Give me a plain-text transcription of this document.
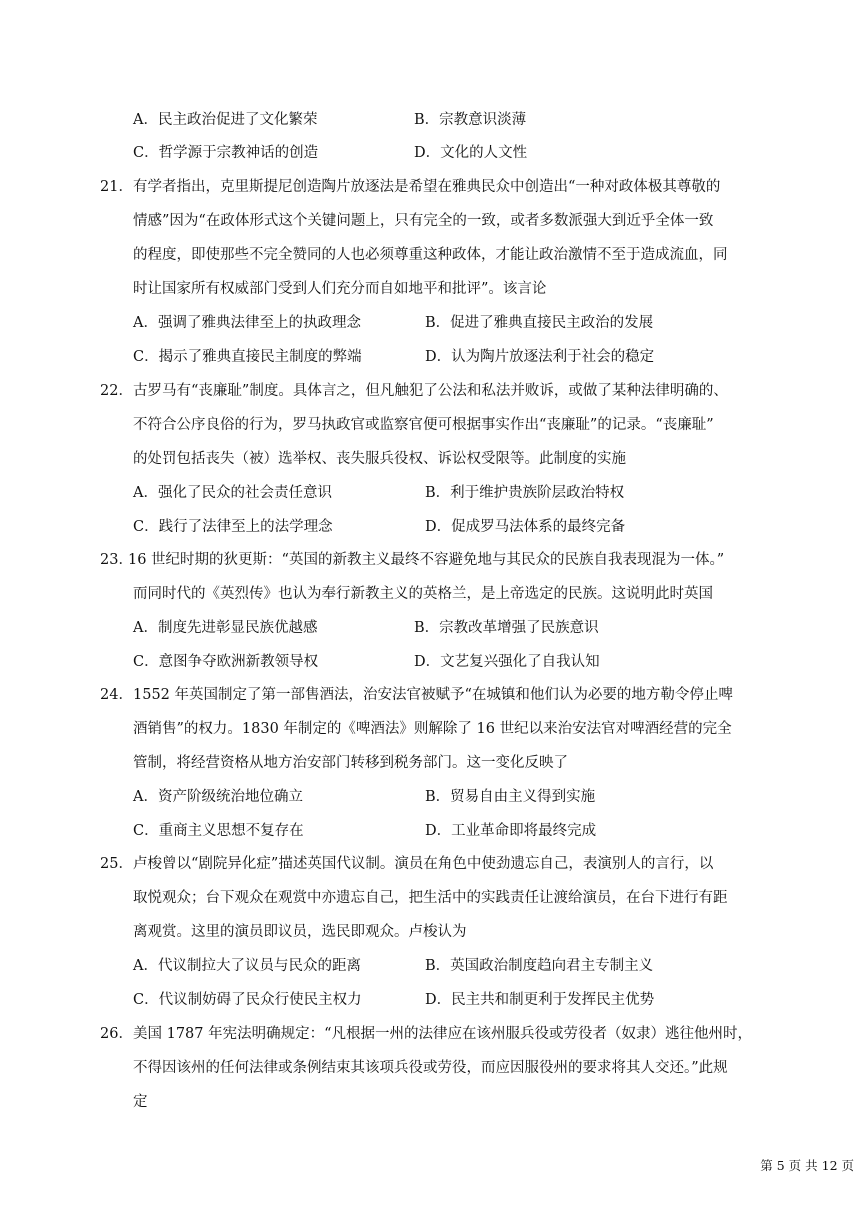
A．民主政治促进了文化繁荣	B．宗教意识淡薄
C．哲学源于宗教神话的创造	D．文化的人文性
21． 有学者指出，克里斯提尼创造陶片放逐法是希望在雅典民众中创造出“一种对政体极其尊敬的
情感”因为“在政体形式这个关键问题上，只有完全的一致，或者多数派强大到近乎全体一致
的程度，即使那些不完全赞同的人也必须尊重这种政体，才能让政治激情不至于造成流血，同
时让国家所有权威部门受到人们充分而自如地平和批评”。该言论
A．强调了雅典法律至上的执政理念	B．促进了雅典直接民主政治的发展
C．揭示了雅典直接民主制度的弊端	D．认为陶片放逐法利于社会的稳定
22． 古罗马有“丧廉耻”制度。具体言之，但凡触犯了公法和私法并败诉，或做了某种法律明确的、
不符合公序良俗的行为，罗马执政官或监察官便可根据事实作出“丧廉耻”的记录。“丧廉耻”
的处罚包括丧失（被）选举权、丧失服兵役权、诉讼权受限等。此制度的实施
A．强化了民众的社会责任意识	B．利于维护贵族阶层政治特权
C．践行了法律至上的法学理念	D．促成罗马法体系的最终完备
23．
16 世纪时期的狄更斯：“英国的新教主义最终不容避免地与其民众的民族自我表现混为一体。”
而同时代的《英烈传》也认为奉行新教主义的英格兰，是上帝选定的民族。这说明此时英国
A．制度先进彰显民族优越感	B．宗教改革增强了民族意识
C．意图争夺欧洲新教领导权	D．文艺复兴强化了自我认知
24． 1552 年英国制定了第一部售酒法，治安法官被赋予“在城镇和他们认为必要的地方勒令停止啤
酒销售”的权力。1830 年制定的《啤酒法》则解除了 16 世纪以来治安法官对啤酒经营的完全
管制，将经营资格从地方治安部门转移到税务部门。这一变化反映了
A．资产阶级统治地位确立	B．贸易自由主义得到实施
C．重商主义思想不复存在	D．工业革命即将最终完成
25． 卢梭曾以“剧院异化症”描述英国代议制。演员在角色中使劲遗忘自己，表演别人的言行，以
取悦观众；台下观众在观赏中亦遗忘自己，把生活中的实践责任让渡给演员，在台下进行有距
离观赏。这里的演员即议员，选民即观众。卢梭认为
A．代议制拉大了议员与民众的距离	B．英国政治制度趋向君主专制主义
C．代议制妨碍了民众行使民主权力	D．民主共和制更利于发挥民主优势
26． 美国 1787 年宪法明确规定：“凡根据一州的法律应在该州服兵役或劳役者（奴隶）逃往他州时，
不得因该州的任何法律或条例结束其该项兵役或劳役，而应因服役州的要求将其人交还。”此规
定
第 5 页 共 12 页
